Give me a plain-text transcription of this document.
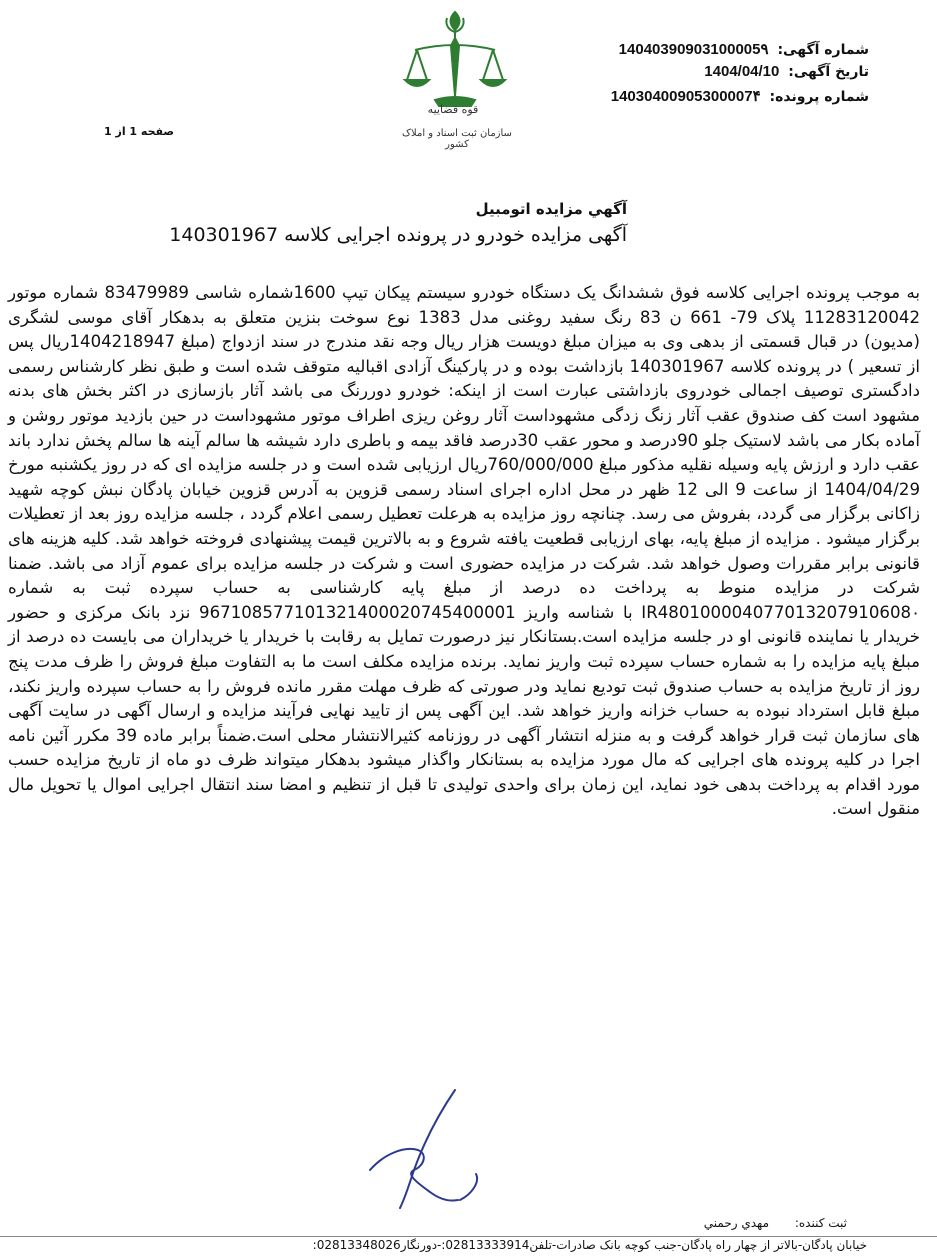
شماره آگهی: 14040390903100005۹
تاریخ آگهی: 1404/04/10
شماره پرونده: 14030400905300007۴
قوه قضاییه
سازمان ثبت اسناد و املاک کشور
صفحه 1 از 1
آگهي مزايده اتومبيل
آگهی مزایده خودرو در پرونده اجرایی کلاسه 140301967
به موجب پرونده اجرایی کلاسه فوق ششدانگ یک دستگاه خودرو سیستم پیکان تیپ 1600شماره شاسی 83479989 شماره موتور 11283120042 پلاک 79- 661 ن 83 رنگ سفید روغنی مدل 1383 نوع سوخت بنزین متعلق به بدهکار آقای موسی لشگری (مدیون) در قبال قسمتی از بدهی وی به میزان مبلغ دویست هزار ریال وجه نقد مندرج در سند ازدواج (مبلغ 1404218947ریال پس از تسعیر ) در پرونده کلاسه 140301967 بازداشت بوده و در پارکینگ آزادی اقبالیه متوقف شده است و طبق نظر کارشناس رسمی دادگستری توصیف اجمالی خودروی بازداشتی عبارت است از اینکه: خودرو دوررنگ می باشد آثار بازسازی در اکثر بخش های بدنه مشهود است کف صندوق عقب آثار زنگ زدگی مشهوداست آثار روغن ریزی اطراف موتور مشهوداست در حین بازدید موتور روشن و آماده بکار می باشد لاستیک جلو 90درصد و محور عقب 30درصد فاقد بیمه و باطری دارد شیشه ها سالم آینه ها سالم پخش ندارد باند عقب دارد و ارزش پایه وسیله نقلیه مذکور مبلغ 760/000/000ریال ارزیابی شده است و در جلسه مزایده ای که در روز یکشنبه مورخ 1404/04/29 از ساعت 9 الی 12 ظهر در محل اداره اجرای اسناد رسمی قزوین به آدرس قزوین خیابان پادگان نبش کوچه شهید زاکانی برگزار می گردد، بفروش می رسد. چنانچه روز مزایده به هرعلت تعطیل رسمی اعلام گردد ، جلسه مزایده روز بعد از تعطیلات برگزار میشود . مزایده از مبلغ پایه، بهای ارزیابی قطعیت یافته شروع و به بالاترین قیمت پیشنهادی فروخته خواهد شد. کلیه هزینه های قانونی برابر مقررات وصول خواهد شد. شرکت در مزایده حضوری است و شرکت در جلسه مزایده برای عموم آزاد می باشد. ضمنا شرکت در مزایده منوط به پرداخت ده درصد از مبلغ پایه کارشناسی به حساب سپرده ثبت به شماره IR480100004077013207910608۰ با شناسه واریز 967108577101321400020745400001 نزد بانک مرکزی و حضور خریدار یا نماینده قانونی او در جلسه مزایده است.بستانکار نیز درصورت تمایل به رقابت با خریدار یا خریداران می بایست ده درصد از مبلغ پایه مزایده را به شماره حساب سپرده ثبت واریز نماید. برنده مزایده مکلف است ما به التفاوت مبلغ فروش را ظرف مدت پنج روز از تاریخ مزایده به حساب صندوق ثبت تودیع نماید ودر صورتی که ظرف مهلت مقرر مانده فروش را به حساب سپرده واریز نکند، مبلغ قابل استرداد نبوده به حساب خزانه واریز خواهد شد. این آگهی پس از تایید نهایی فرآیند مزایده و ارسال آگهی در سایت آگهی های سازمان ثبت قرار خواهد گرفت و به منزله انتشار آگهی در روزنامه کثیرالانتشار محلی است.ضمناً برابر ماده 39 مکرر آئین نامه اجرا در کلیه پرونده های اجرایی که مال مورد مزایده به بستانکار واگذار میشود بدهکار میتواند ظرف دو ماه از تاریخ مزایده حسب مورد اقدام به پرداخت بدهی خود نماید، این زمان برای واحدی تولیدی تا قبل از تنظیم و امضا سند انتقال اجرایی اموال یا تحویل مال منقول است.
ثبت کننده: مهدي رحمني
خیابان پادگان-بالاتر از چهار راه پادگان-جنب کوچه بانک صادرات-تلفن02813333914:-دورنگار02813348026:
